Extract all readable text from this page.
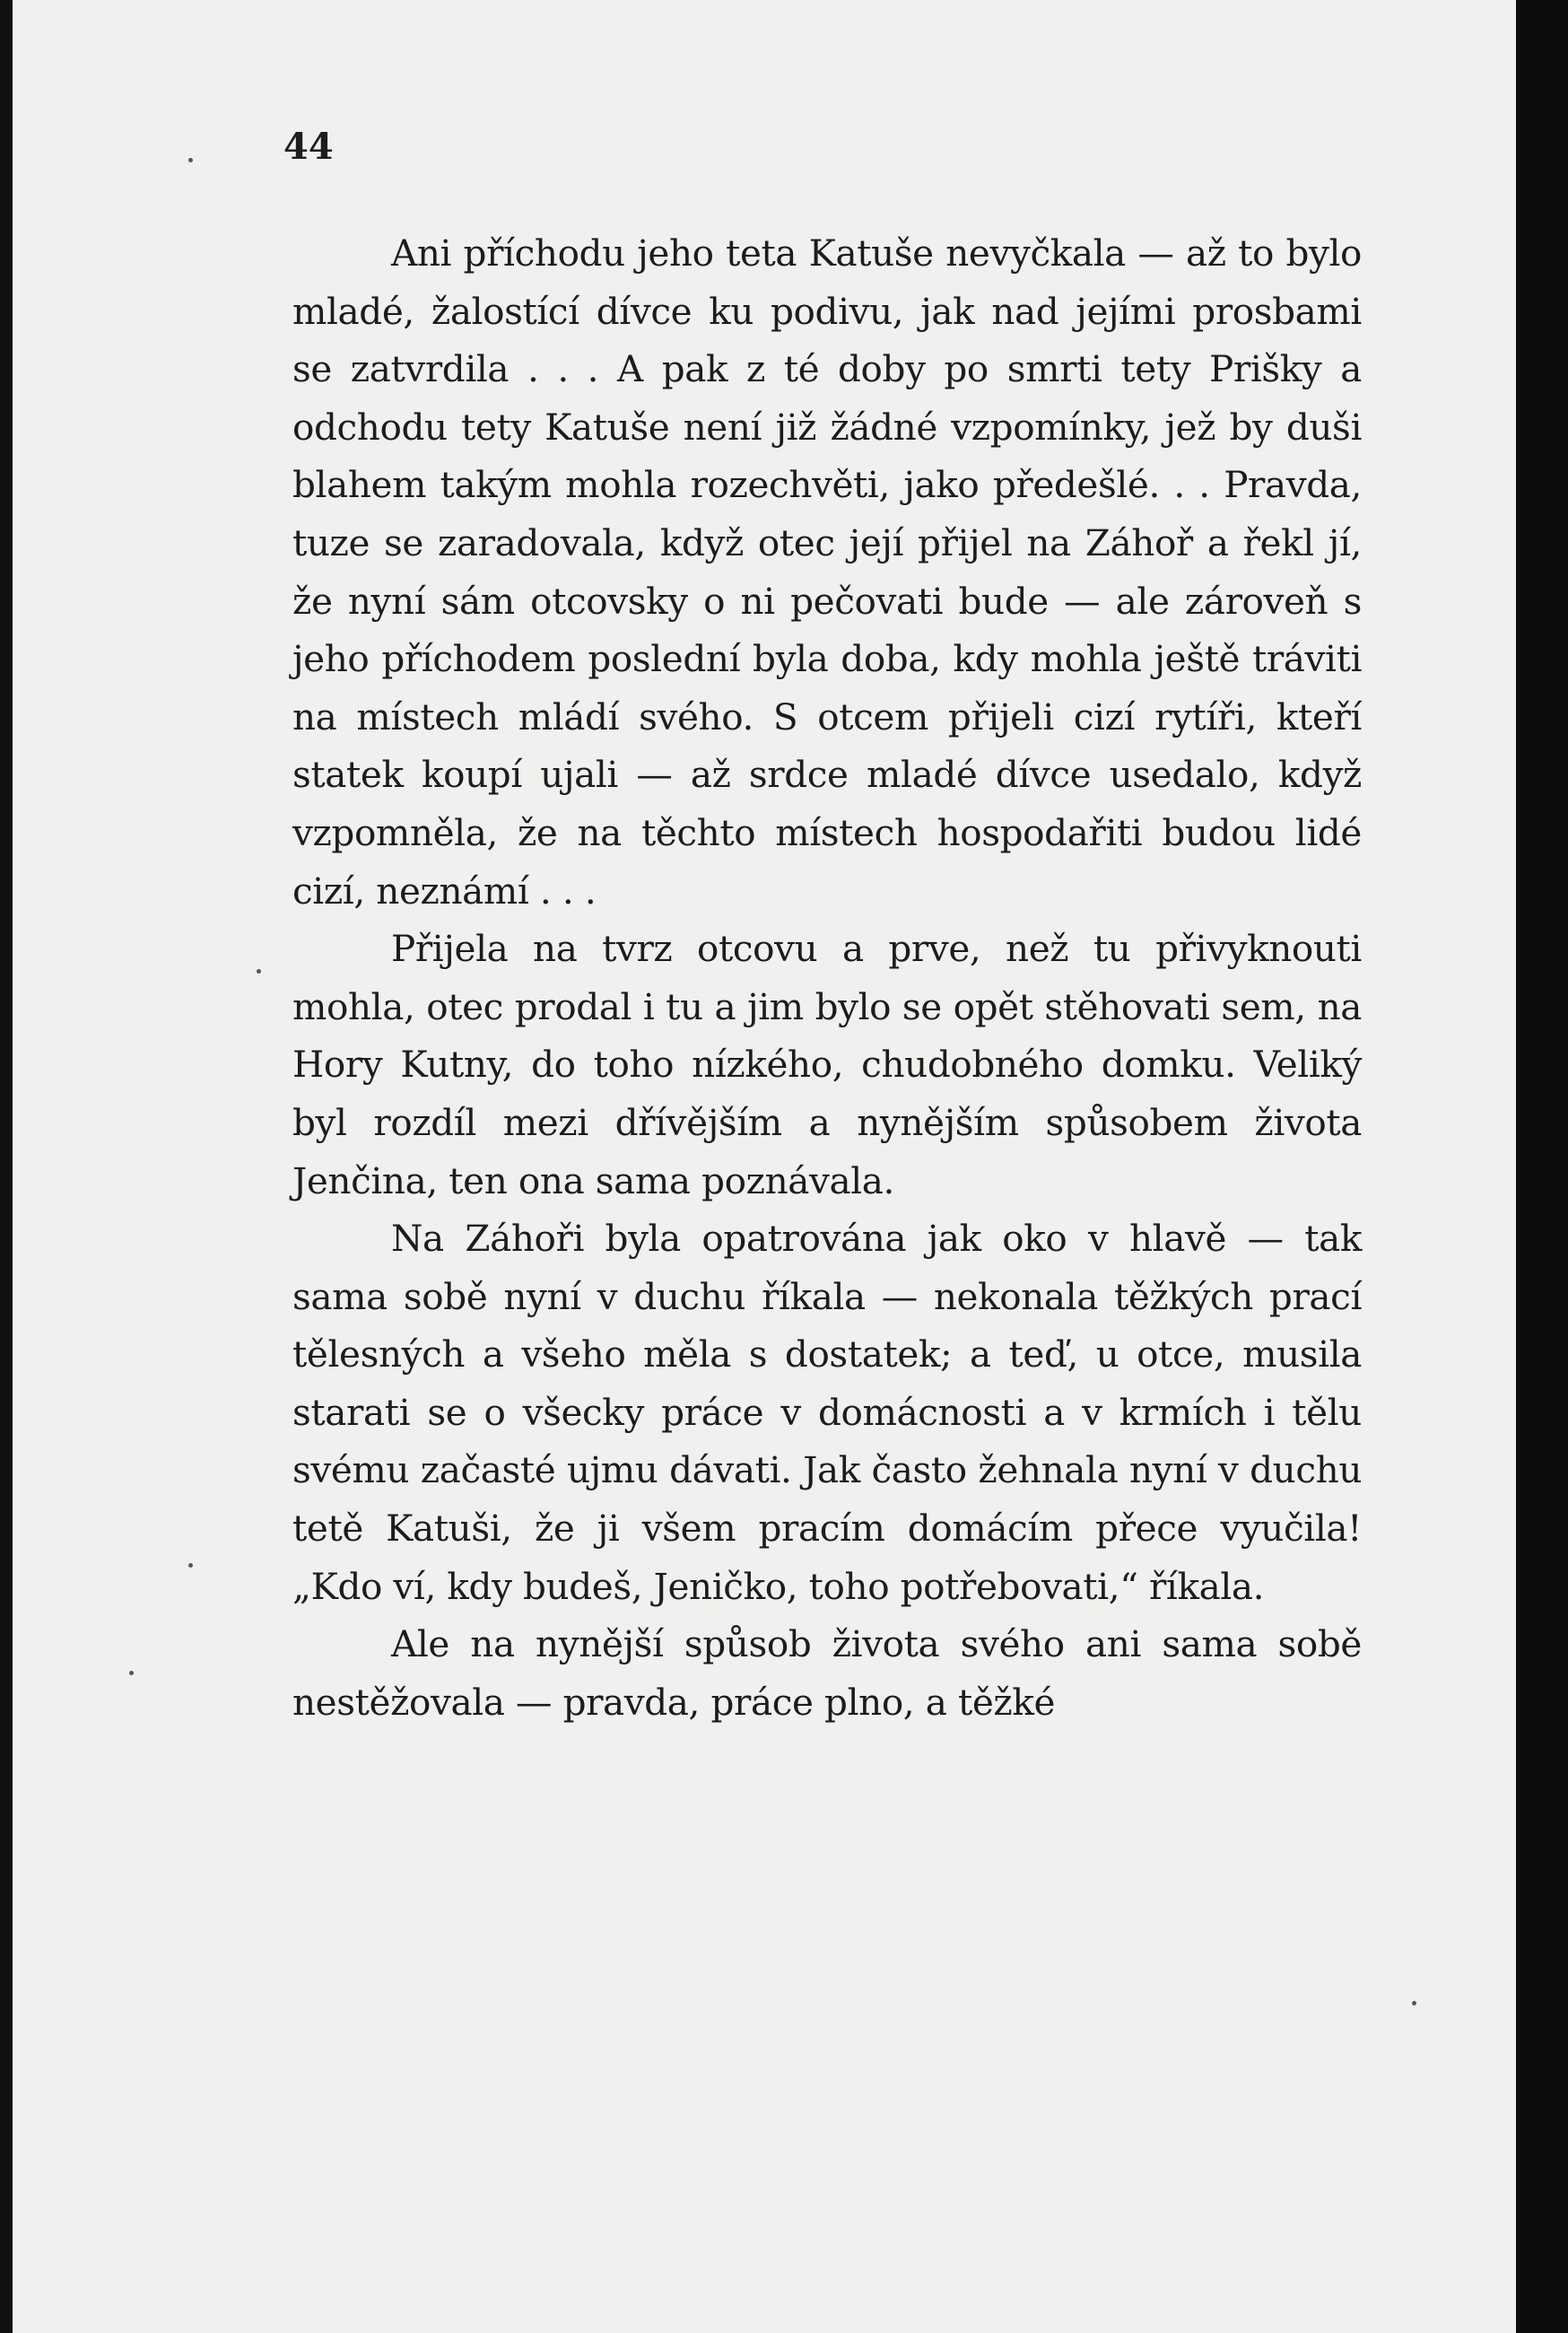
44

Ani příchodu jeho teta Katuše nevyčkala — až to bylo mladé, žalostící dívce ku podivu, jak nad jejími prosbami se zatvrdila . . . A pak z té doby po smrti tety Prišky a odchodu tety Katuše není již žádné vzpomínky, jež by duši blahem takým mohla rozechvěti, jako předešlé. . . Pravda, tuze se zaradovala, když otec její přijel na Záhoř a řekl jí, že nyní sám otcovsky o ni pečovati bude — ale zároveň s jeho příchodem poslední byla doba, kdy mohla ještě tráviti na místech mládí svého. S otcem přijeli cizí rytíři, kteří statek koupí ujali — až srdce mladé dívce usedalo, když vzpomněla, že na těchto místech hospodařiti budou lidé cizí, neznámí . . .

Přijela na tvrz otcovu a prve, než tu přivyknouti mohla, otec prodal i tu a jim bylo se opět stěhovati sem, na Hory Kutny, do toho nízkého, chudobného domku. Veliký byl rozdíl mezi dřívějším a nynějším spůsobem života Jenčina, ten ona sama poznávala.

Na Záhoři byla opatrována jak oko v hlavě — tak sama sobě nyní v duchu říkala — nekonala těžkých prací tělesných a všeho měla s dostatek; a teď, u otce, musila starati se o všecky práce v domácnosti a v krmích i tělu svému začasté ujmu dávati. Jak často žehnala nyní v duchu tetě Katuši, že ji všem pracím domácím přece vyučila! „Kdo ví, kdy budeš, Jeničko, toho potřebovati,“ říkala.

Ale na nynější spůsob života svého ani sama sobě nestěžovala — pravda, práce plno, a těžké
